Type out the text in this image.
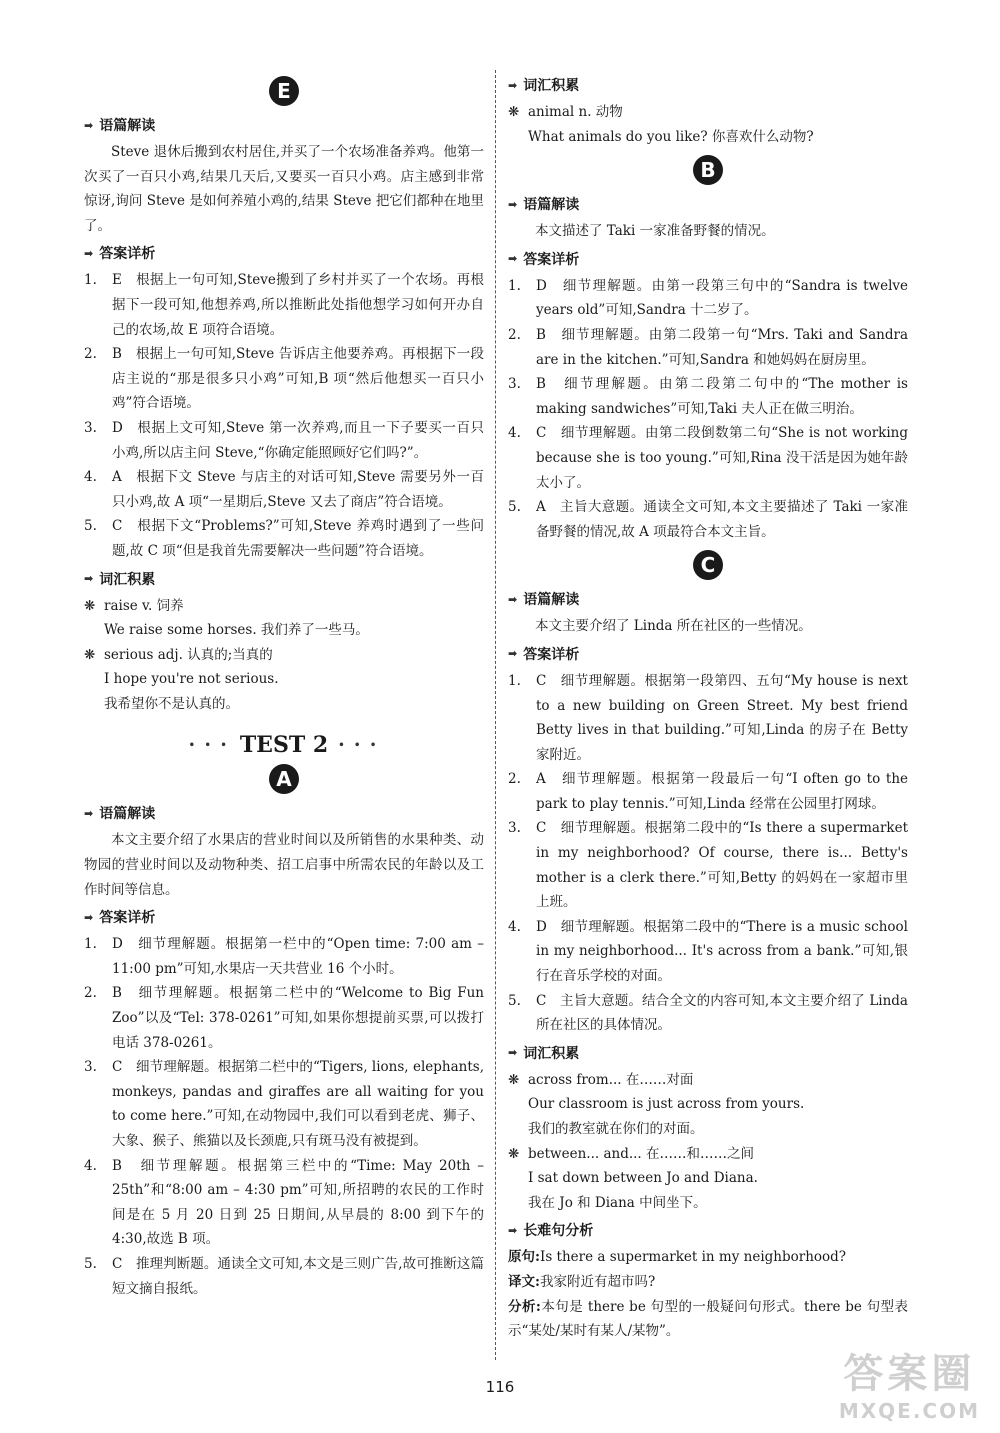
E
➡ 语篇解读
Steve 退休后搬到农村居住,并买了一个农场准备养鸡。他第一次买了一百只小鸡,结果几天后,又要买一百只小鸡。店主感到非常惊讶,询问 Steve 是如何养殖小鸡的,结果 Steve 把它们都种在地里了。
➡ 答案详析
1.	E　根据上一句可知,Steve搬到了乡村并买了一个农场。再根据下一段可知,他想养鸡,所以推断此处指他想学习如何开办自己的农场,故 E 项符合语境。
2.	B　根据上一句可知,Steve 告诉店主他要养鸡。再根据下一段店主说的“那是很多只小鸡”可知,B 项“然后他想买一百只小鸡”符合语境。
3.	D　根据上文可知,Steve 第一次养鸡,而且一下子要买一百只小鸡,所以店主问 Steve,“你确定能照顾好它们吗?”。
4.	A　根据下文 Steve 与店主的对话可知,Steve 需要另外一百只小鸡,故 A 项“一星期后,Steve 又去了商店”符合语境。
5.	C　根据下文“Problems?”可知,Steve 养鸡时遇到了一些问题,故 C 项“但是我首先需要解决一些问题”符合语境。
➡ 词汇积累
❋ raise v. 饲养
We raise some horses. 我们养了一些马。
❋ serious adj. 认真的;当真的
I hope you're not serious.
我希望你不是认真的。
• • • TEST 2 • • •
A
➡ 语篇解读
本文主要介绍了水果店的营业时间以及所销售的水果种类、动物园的营业时间以及动物种类、招工启事中所需农民的年龄以及工作时间等信息。
➡ 答案详析
1.	D　细节理解题。根据第一栏中的“Open time: 7:00 am – 11:00 pm”可知,水果店一天共营业 16 个小时。
2.	B　细节理解题。根据第二栏中的“Welcome to Big Fun Zoo”以及“Tel: 378-0261”可知,如果你想提前买票,可以拨打电话 378-0261。
3.	C　细节理解题。根据第二栏中的“Tigers, lions, elephants, monkeys, pandas and giraffes are all waiting for you to come here.”可知,在动物园中,我们可以看到老虎、狮子、大象、猴子、熊猫以及长颈鹿,只有斑马没有被提到。
4.	B　细节理解题。根据第三栏中的“Time: May 20th – 25th”和“8:00 am – 4:30 pm”可知,所招聘的农民的工作时间是在 5 月 20 日到 25 日期间,从早晨的 8:00 到下午的 4:30,故选 B 项。
5.	C　推理判断题。通读全文可知,本文是三则广告,故可推断这篇短文摘自报纸。
➡ 词汇积累
❋ animal n. 动物
What animals do you like? 你喜欢什么动物?
B
➡ 语篇解读
本文描述了 Taki 一家准备野餐的情况。
➡ 答案详析
1.	D　细节理解题。由第一段第三句中的“Sandra is twelve years old”可知,Sandra 十二岁了。
2.	B　细节理解题。由第二段第一句“Mrs. Taki and Sandra are in the kitchen.”可知,Sandra 和她妈妈在厨房里。
3.	B　细节理解题。由第二段第二句中的“The mother is making sandwiches”可知,Taki 夫人正在做三明治。
4.	C　细节理解题。由第二段倒数第二句“She is not working because she is too young.”可知,Rina 没干活是因为她年龄太小了。
5.	A　主旨大意题。通读全文可知,本文主要描述了 Taki 一家准备野餐的情况,故 A 项最符合本文主旨。
C
➡ 语篇解读
本文主要介绍了 Linda 所在社区的一些情况。
➡ 答案详析
1.	C　细节理解题。根据第一段第四、五句“My house is next to a new building on Green Street. My best friend Betty lives in that building.”可知,Linda 的房子在 Betty 家附近。
2.	A　细节理解题。根据第一段最后一句“I often go to the park to play tennis.”可知,Linda 经常在公园里打网球。
3.	C　细节理解题。根据第二段中的“Is there a supermarket in my neighborhood? Of course, there is... Betty's mother is a clerk there.”可知,Betty 的妈妈在一家超市里上班。
4.	D　细节理解题。根据第二段中的“There is a music school in my neighborhood... It's across from a bank.”可知,银行在音乐学校的对面。
5.	C　主旨大意题。结合全文的内容可知,本文主要介绍了 Linda 所在社区的具体情况。
➡ 词汇积累
❋ across from... 在……对面
Our classroom is just across from yours.
我们的教室就在你们的对面。
❋ between... and... 在……和……之间
I sat down between Jo and Diana.
我在 Jo 和 Diana 中间坐下。
➡ 长难句分析
原句:Is there a supermarket in my neighborhood?
译文:我家附近有超市吗?
分析:本句是 there be 句型的一般疑问句形式。there be 句型表示“某处/某时有某人/某物”。
116	答案圈
MXQE.COM
